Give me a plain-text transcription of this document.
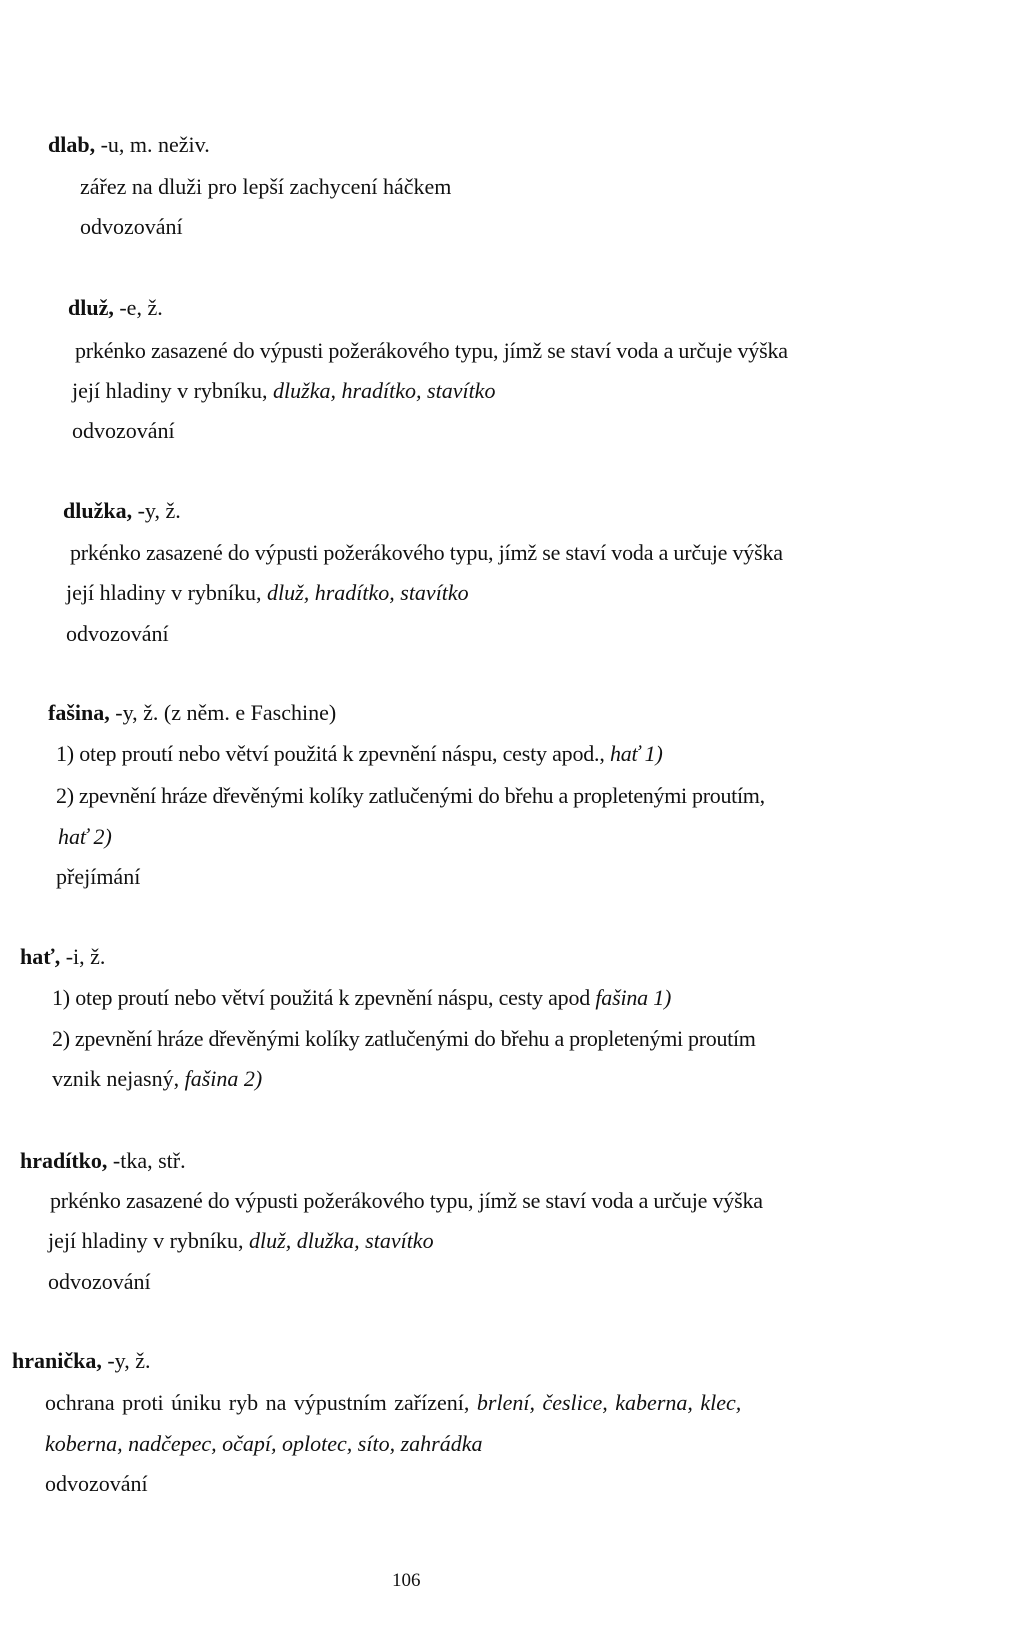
dlab, -u, m. neživ.
zářez na dluži pro lepší zachycení háčkem
odvozování
dluž, -e, ž.
prkénko zasazené do výpusti požerákového typu, jímž se staví voda a určuje výška
její hladiny v rybníku, dlužka, hradítko, stavítko
odvozování
dlužka, -y, ž.
prkénko zasazené do výpusti požerákového typu, jímž se staví voda a určuje výška
její hladiny v rybníku, dluž, hradítko, stavítko
odvozování
fašina, -y, ž. (z něm. e Faschine)
1) otep proutí nebo větví použitá k zpevnění náspu, cesty apod., hať 1)
2) zpevnění hráze dřevěnými kolíky zatlučenými do břehu a propletenými proutím,
hať 2)
přejímání
hať, -i, ž.
1) otep proutí nebo větví použitá k zpevnění náspu, cesty apod fašina 1)
2) zpevnění hráze dřevěnými kolíky zatlučenými do břehu a propletenými proutím
vznik nejasný, fašina 2)
hradítko, -tka, stř.
prkénko zasazené do výpusti požerákového typu, jímž se staví voda a určuje výška
její hladiny v rybníku, dluž, dlužka, stavítko
odvozování
hranička, -y, ž.
ochrana proti úniku ryb na výpustním zařízení, brlení, česlice, kaberna, klec,
koberna, nadčepec, očapí, oplotec, síto, zahrádka
odvozování
106
